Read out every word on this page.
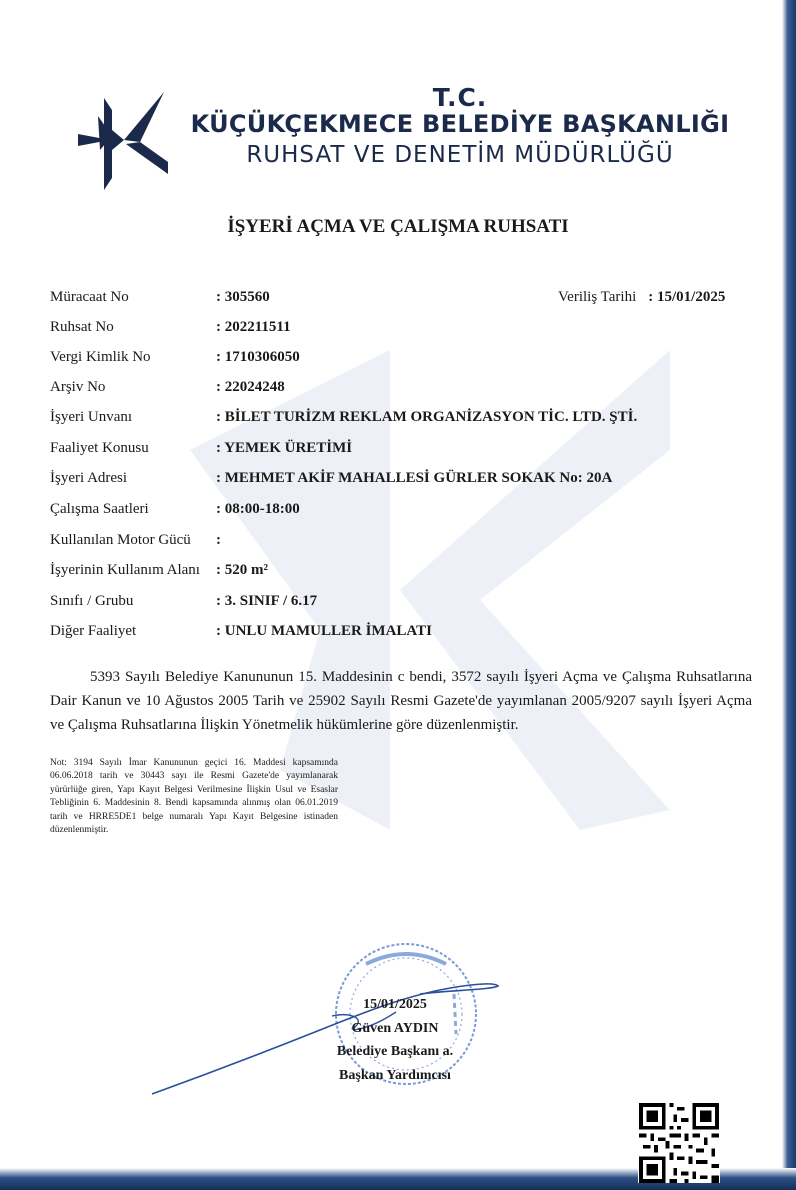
T.C.
KÜÇÜKÇEKMECE BELEDİYE BAŞKANLIĞI
RUHSAT VE DENETİM MÜDÜRLÜĞÜ
İŞYERİ AÇMA VE ÇALIŞMA RUHSATI
Veriliş Tarihi : 15/01/2025
Müracaat No	: 305560
Ruhsat No	: 202211511
Vergi Kimlik No	: 1710306050
Arşiv No	: 22024248
İşyeri Unvanı	: BİLET TURİZM REKLAM ORGANİZASYON TİC. LTD. ŞTİ.
Faaliyet Konusu	: YEMEK ÜRETİMİ
İşyeri Adresi	: MEHMET AKİF MAHALLESİ GÜRLER SOKAK No: 20A
Çalışma Saatleri	: 08:00-18:00
Kullanılan Motor Gücü :
İşyerinin Kullanım Alanı : 520 m²
Sınıfı / Grubu	: 3. SINIF / 6.17
Diğer Faaliyet	: UNLU MAMULLER İMALATI
5393 Sayılı Belediye Kanununun 15. Maddesinin c bendi, 3572 sayılı İşyeri Açma ve Çalışma Ruhsatlarına Dair Kanun ve 10 Ağustos 2005 Tarih ve 25902 Sayılı Resmi Gazete'de yayımlanan 2005/9207 sayılı İşyeri Açma ve Çalışma Ruhsatlarına İlişkin Yönetmelik hükümlerine göre düzenlenmiştir.
Not: 3194 Sayılı İmar Kanununun geçici 16. Maddesi kapsamında 06.06.2018 tarih ve 30443 sayı ile Resmi Gazete'de yayımlanarak yürürlüğe giren, Yapı Kayıt Belgesi Verilmesine İlişkin Usul ve Esaslar Tebliğinin 6. Maddesinin 8. Bendi kapsamında alınmış olan 06.01.2019 tarih ve HRRE5DE1 belge numaralı Yapı Kayıt Belgesine istinaden düzenlenmiştir.
15/01/2025
Güven AYDIN
Belediye Başkanı a.
Başkan Yardımcısı
